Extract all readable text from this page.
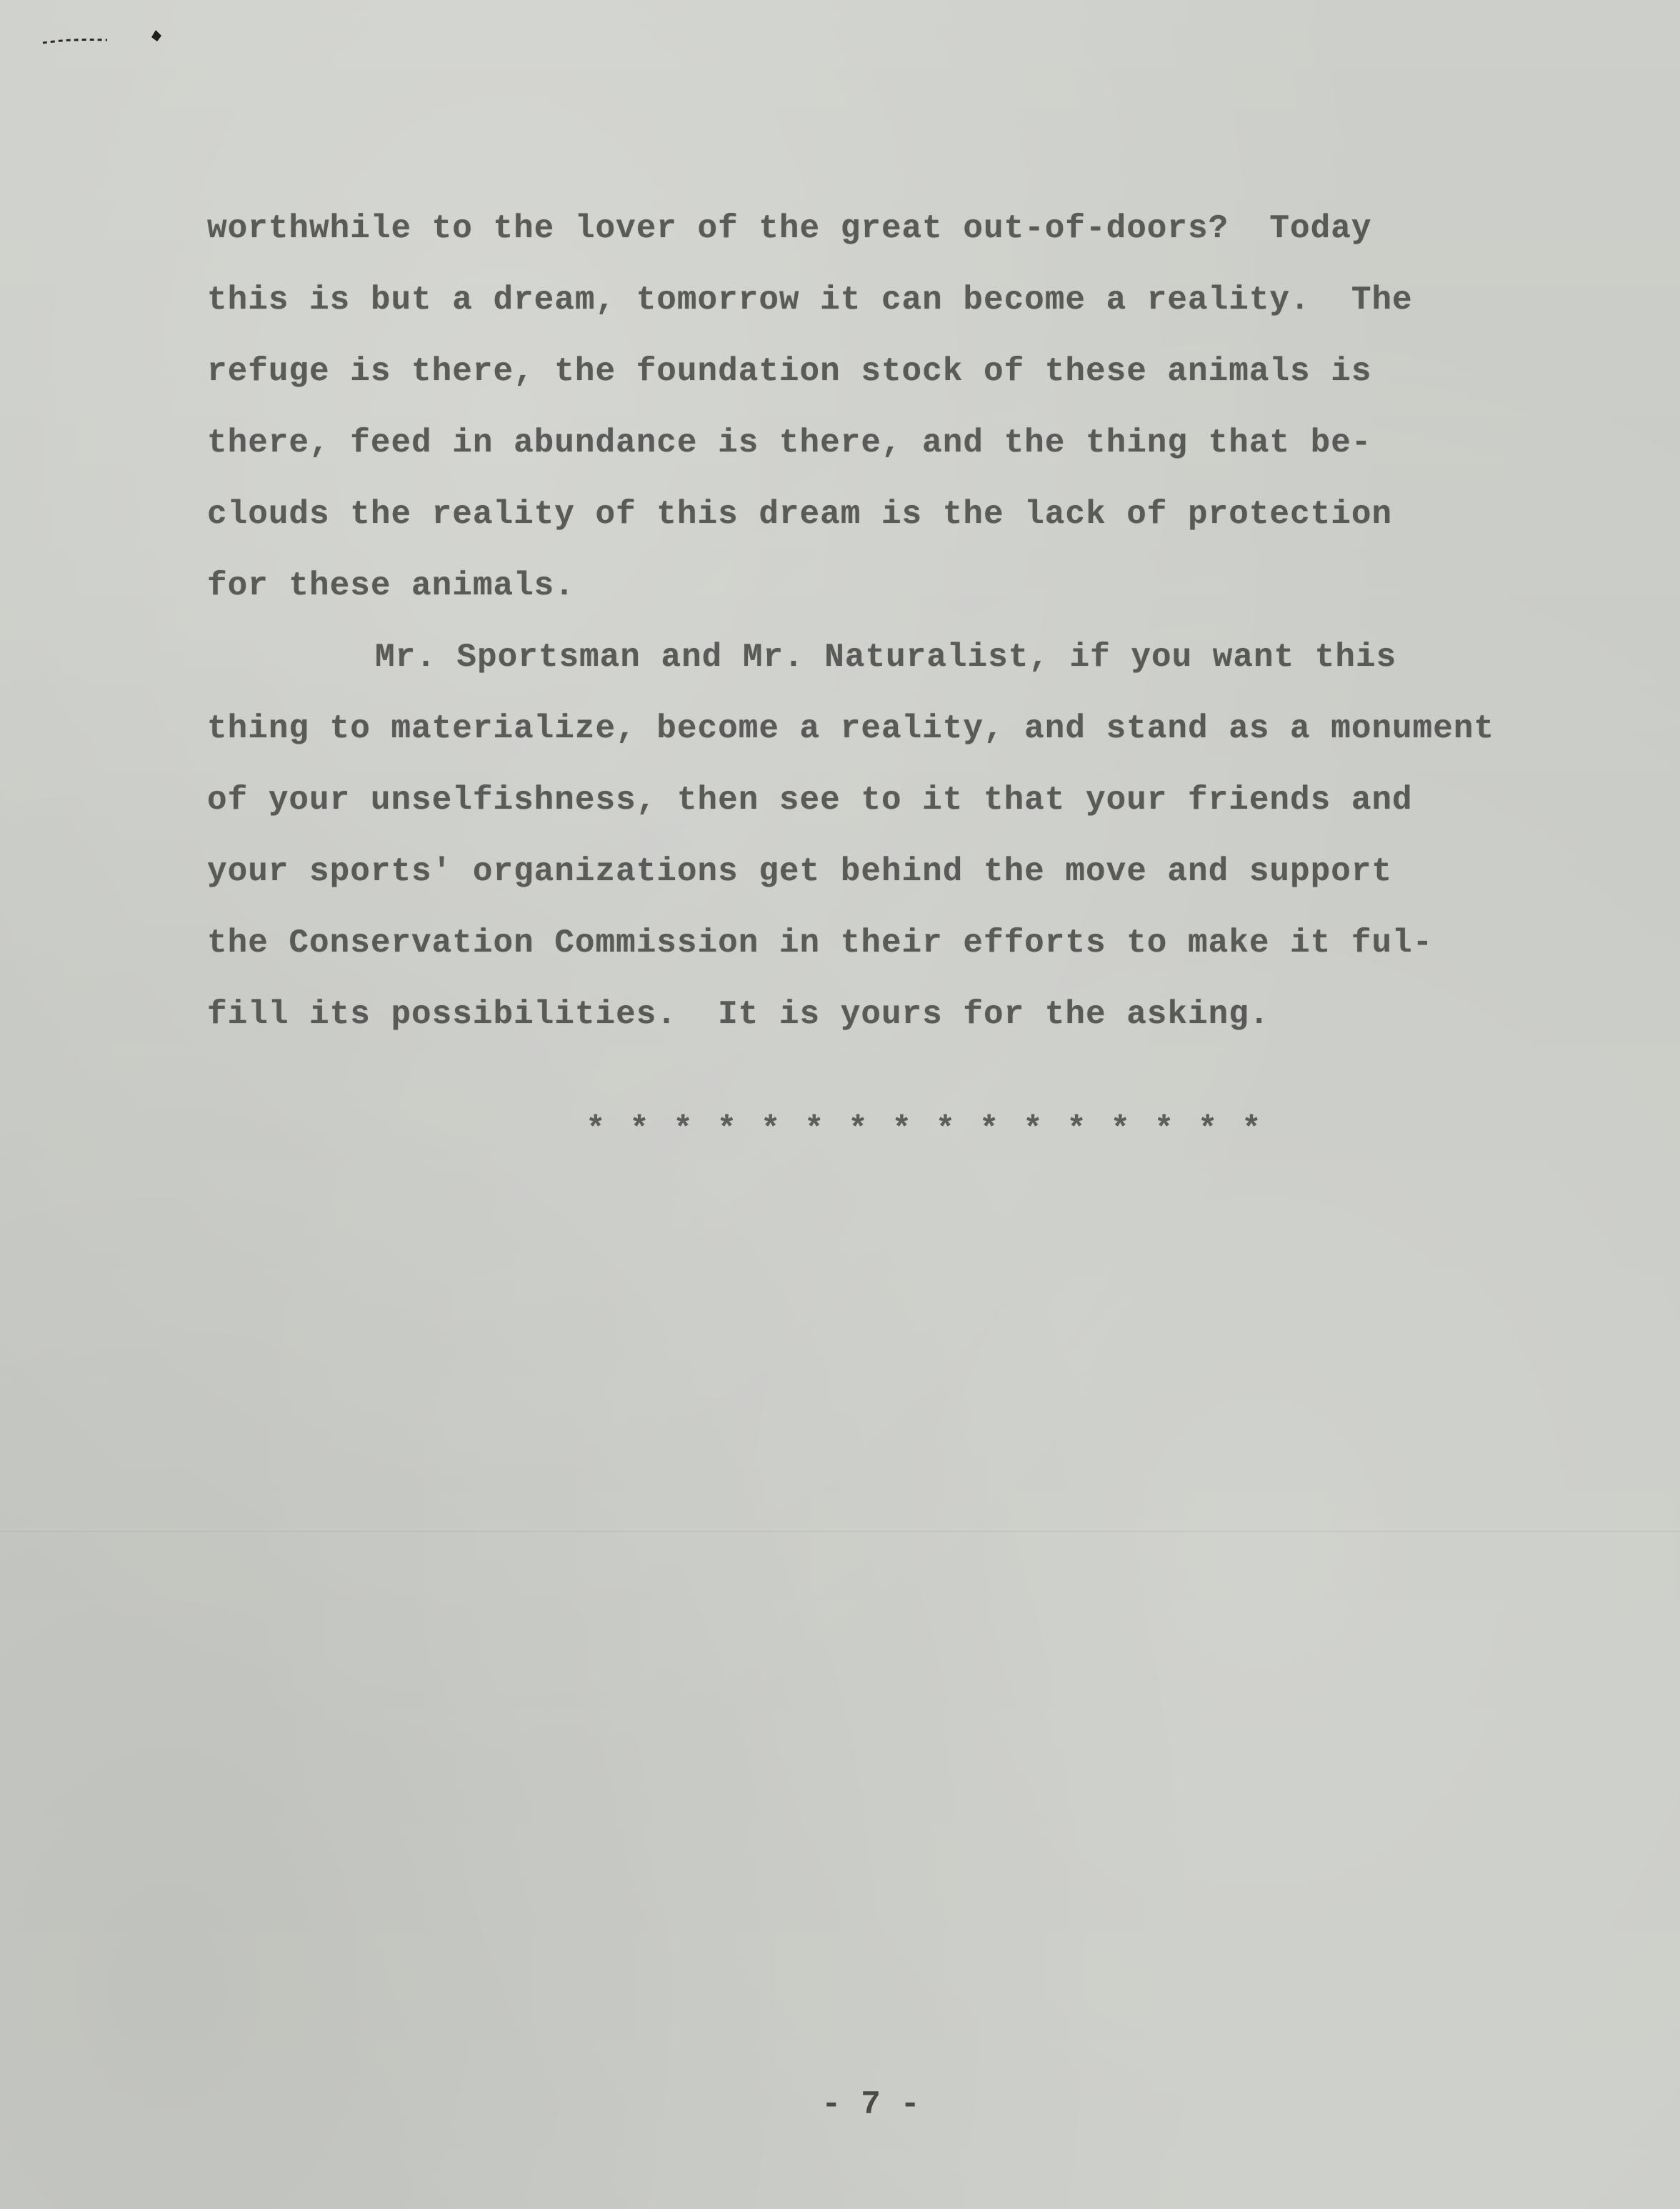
worthwhile to the lover of the great out-of-doors?  Today
this is but a dream, tomorrow it can become a reality.  The
refuge is there, the foundation stock of these animals is
there, feed in abundance is there, and the thing that be-
clouds the reality of this dream is the lack of protection
for these animals.
Mr. Sportsman and Mr. Naturalist, if you want this
thing to materialize, become a reality, and stand as a monument
of your unselfishness, then see to it that your friends and
your sports' organizations get behind the move and support
the Conservation Commission in their efforts to make it ful-
fill its possibilities.  It is yours for the asking.
* * * * * * * * * * * * * * * *
- 7 -
